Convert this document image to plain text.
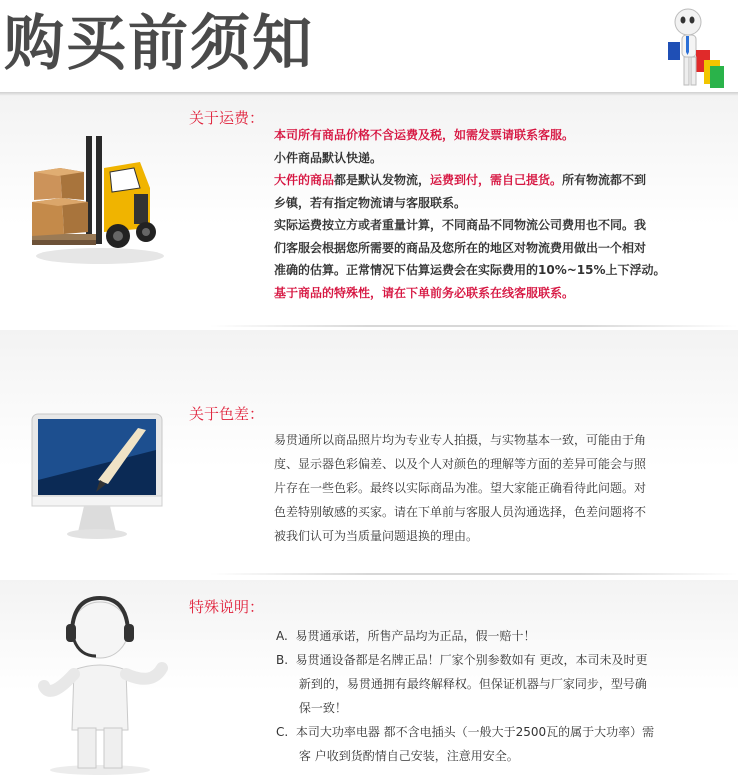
购买前须知
关于运费：
本司所有商品价格不含运费及税，如需发票请联系客服。
小件商品默认快递。
大件的商品都是默认发物流，运费到付，需自己提货。所有物流都不到
乡镇，若有指定物流请与客服联系。
实际运费按立方或者重量计算，不同商品不同物流公司费用也不同。我
们客服会根据您所需要的商品及您所在的地区对物流费用做出一个相对
准确的估算。正常情况下估算运费会在实际费用的10%~15%上下浮动。
基于商品的特殊性，请在下单前务必联系在线客服联系。
关于色差：
易贯通所以商品照片均为专业专人拍摄，与实物基本一致，可能由于角
度、显示器色彩偏差、以及个人对颜色的理解等方面的差异可能会与照
片存在一些色彩。最终以实际商品为准。望大家能正确看待此问题。对
色差特别敏感的买家。请在下单前与客服人员沟通选择，色差问题将不
被我们认可为当质量问题退换的理由。
特殊说明：
A.  易贯通承诺，所售产品均为正品，假一赔十！
B.  易贯通设备都是名牌正品！厂家个别参数如有 更改，本司未及时更
新到的，易贯通拥有最终解释权。但保证机器与厂家同步，型号确
保一致！
C.  本司大功率电器 都不含电插头（一般大于2500瓦的属于大功率）需
客 户收到货酌情自己安装，注意用安全。
